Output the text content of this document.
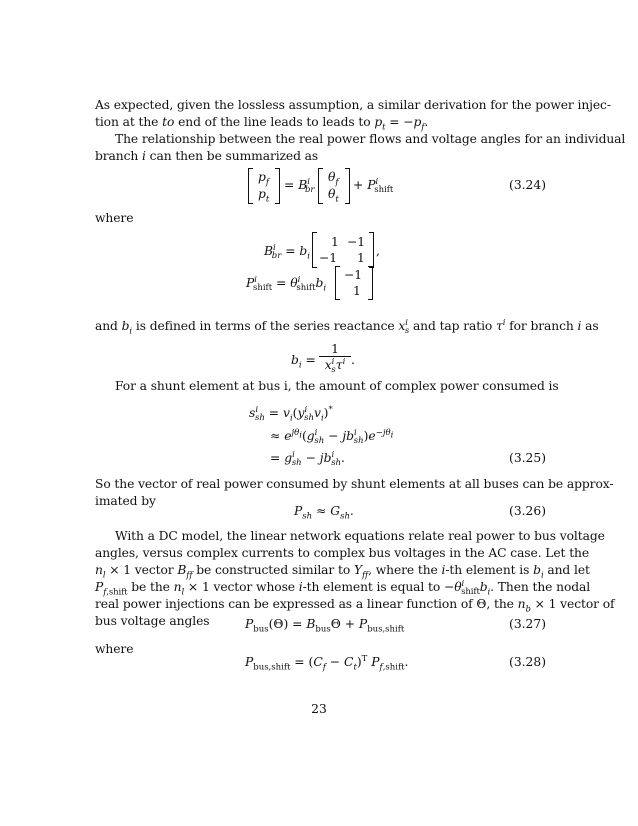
As expected, given the lossless assumption, a similar derivation for the power injec-
tion at the to end of the line leads to leads to $p_t = -p_f$.
The relationship between the real power flows and voltage angles for an individual
branch i can then be summarized as
$p_f$
$p_t$
= $B^i_{br}$
$\theta_f$
$\theta_t$
+ $P^i_{shift}$	(3.24)
where
$B^i_{br} = b_i$
1 −1
−1 1 ,
$P^i_{shift} = \theta^i_{shift}b_i$
−1
1
and $b_i$ is defined in terms of the series reactance $x^i_s$ and tap ratio $\tau^i$ for branch i as
$b_i$ =
1
$x^i_s\tau^i$ .
For a shunt element at bus i, the amount of complex power consumed is
$s^i_{sh} = v_i(y^i_{sh}v_i)^*$
≈ $e^{j\theta_i}(g^i_{sh} - jb^i_{sh})e^{-j\theta_i}$
= $g^i_{sh} - jb^i_{sh}$.	(3.25)
So the vector of real power consumed by shunt elements at all buses can be approx-
imated by
$P_{sh} \approx G_{sh}$.	(3.26)
With a DC model, the linear network equations relate real power to bus voltage
angles, versus complex currents to complex bus voltages in the AC case. Let the
$n_l \times 1$ vector $B_{ff}$ be constructed similar to $Y_{ff}$, where the i-th element is $b_i$ and let
$P_{f,shift}$ be the $n_l \times 1$ vector whose i-th element is equal to $-\theta^i_{shift}b_i$. Then the nodal
real power injections can be expressed as a linear function of Θ, the $n_b \times 1$ vector of
bus voltage angles	$P_{bus}(\Theta) = B_{bus}\Theta + P_{bus,shift}$	(3.27)
where
$P_{bus,shift} = (C_f - C_t)^T$ $P_{f,shift}$.	(3.28)
23
